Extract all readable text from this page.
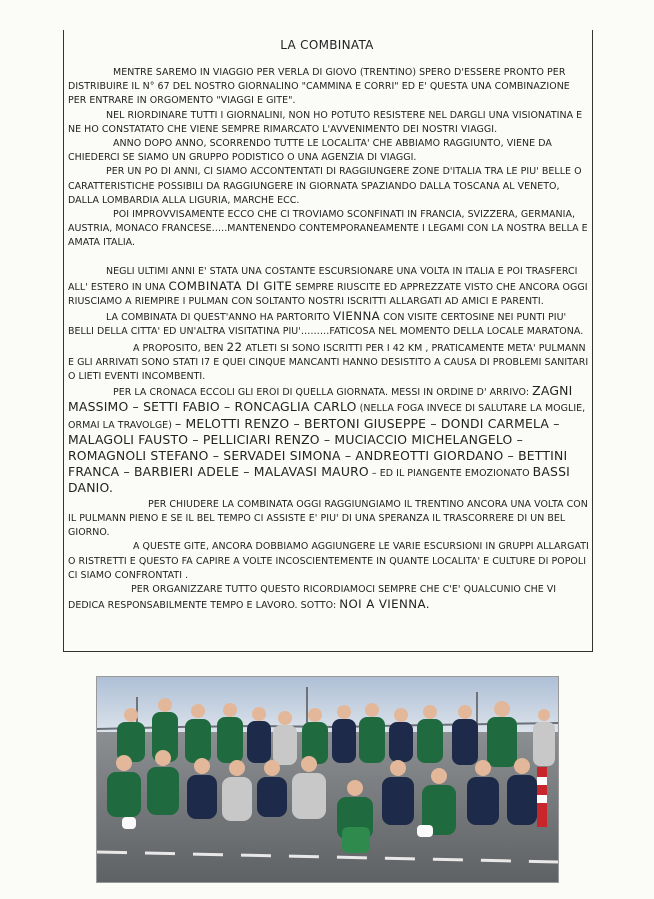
LA COMBINATA

MENTRE SAREMO IN VIAGGIO PER VERLA DI GIOVO (TRENTINO) SPERO D'ESSERE PRONTO PER DISTRIBUIRE IL N° 67 DEL NOSTRO GIORNALINO "CAMMINA E CORRI" ED E' QUESTA UNA COMBINAZIONE PER ENTRARE IN ORGOMENTO "VIAGGI E GITE".

NEL RIORDINARE TUTTI I GIORNALINI, NON HO POTUTO RESISTERE NEL DARGLI UNA VISIONATINA E NE HO CONSTATATO CHE VIENE SEMPRE RIMARCATO L'AVVENIMENTO DEI NOSTRI VIAGGI.

ANNO DOPO ANNO, SCORRENDO TUTTE LE LOCALITA' CHE ABBIAMO RAGGIUNTO, VIENE DA CHIEDERCI SE SIAMO UN GRUPPO PODISTICO O UNA AGENZIA DI VIAGGI.

PER UN PO DI ANNI, CI SIAMO ACCONTENTATI DI RAGGIUNGERE ZONE D'ITALIA TRA LE PIU' BELLE O CARATTERISTICHE POSSIBILI DA RAGGIUNGERE IN GIORNATA SPAZIANDO DALLA TOSCANA AL VENETO, DALLA LOMBARDIA ALLA LIGURIA, MARCHE ECC.

POI IMPROVVISAMENTE ECCO CHE CI TROVIAMO SCONFINATI IN FRANCIA, SVIZZERA, GERMANIA, AUSTRIA, MONACO FRANCESE…..MANTENENDO CONTEMPORANEAMENTE I LEGAMI CON LA NOSTRA BELLA E AMATA ITALIA.

NEGLI ULTIMI ANNI E' STATA UNA COSTANTE ESCURSIONARE UNA VOLTA IN ITALIA E POI TRASFERCI ALL' ESTERO IN UNA COMBINATA DI GITE SEMPRE RIUSCITE ED APPREZZATE VISTO CHE ANCORA OGGI RIUSCIAMO A RIEMPIRE I PULMAN CON SOLTANTO NOSTRI ISCRITTI ALLARGATI AD AMICI E PARENTI.

LA COMBINATA DI QUEST'ANNO HA PARTORITO VIENNA CON VISITE CERTOSINE NEI PUNTI PIU' BELLI DELLA CITTA' ED UN'ALTRA VISITATINA PIU'………FATICOSA NEL MOMENTO DELLA LOCALE MARATONA.

A PROPOSITO, BEN 22 ATLETI SI SONO ISCRITTI PER I 42 KM , PRATICAMENTE META' PULMANN E GLI ARRIVATI SONO STATI I7 E QUEI CINQUE MANCANTI HANNO DESISTITO A CAUSA DI PROBLEMI SANITARI O LIETI EVENTI INCOMBENTI.

PER LA CRONACA ECCOLI GLI EROI DI QUELLA GIORNATA. MESSI IN ORDINE D' ARRIVO: ZAGNI MASSIMO – SETTI FABIO – RONCAGLIA CARLO (NELLA FOGA INVECE DI SALUTARE LA MOGLIE, ORMAI LA TRAVOLGE) – MELOTTI RENZO – BERTONI GIUSEPPE – DONDI CARMELA – MALAGOLI FAUSTO – PELLICIARI RENZO – MUCIACCIO MICHELANGELO – ROMAGNOLI STEFANO – SERVADEI SIMONA – ANDREOTTI GIORDANO – BETTINI FRANCA – BARBIERI ADELE – MALAVASI MAURO – ED IL PIANGENTE EMOZIONATO BASSI DANIO.

PER CHIUDERE LA COMBINATA OGGI RAGGIUNGIAMO IL TRENTINO ANCORA UNA VOLTA CON IL PULMANN PIENO E SE IL BEL TEMPO CI ASSISTE E' PIU' DI UNA SPERANZA IL TRASCORRERE DI UN BEL GIORNO.

A QUESTE GITE, ANCORA DOBBIAMO AGGIUNGERE LE VARIE ESCURSIONI IN GRUPPI ALLARGATI O RISTRETTI E QUESTO FA CAPIRE A VOLTE INCOSCIENTEMENTE IN QUANTE LOCALITA' E CULTURE DI POPOLI CI SIAMO CONFRONTATI .

PER ORGANIZZARE TUTTO QUESTO RICORDIAMOCI SEMPRE CHE C'E' QUALCUNIO CHE VI DEDICA RESPONSABILMENTE TEMPO E LAVORO. SOTTO: NOI A VIENNA.
